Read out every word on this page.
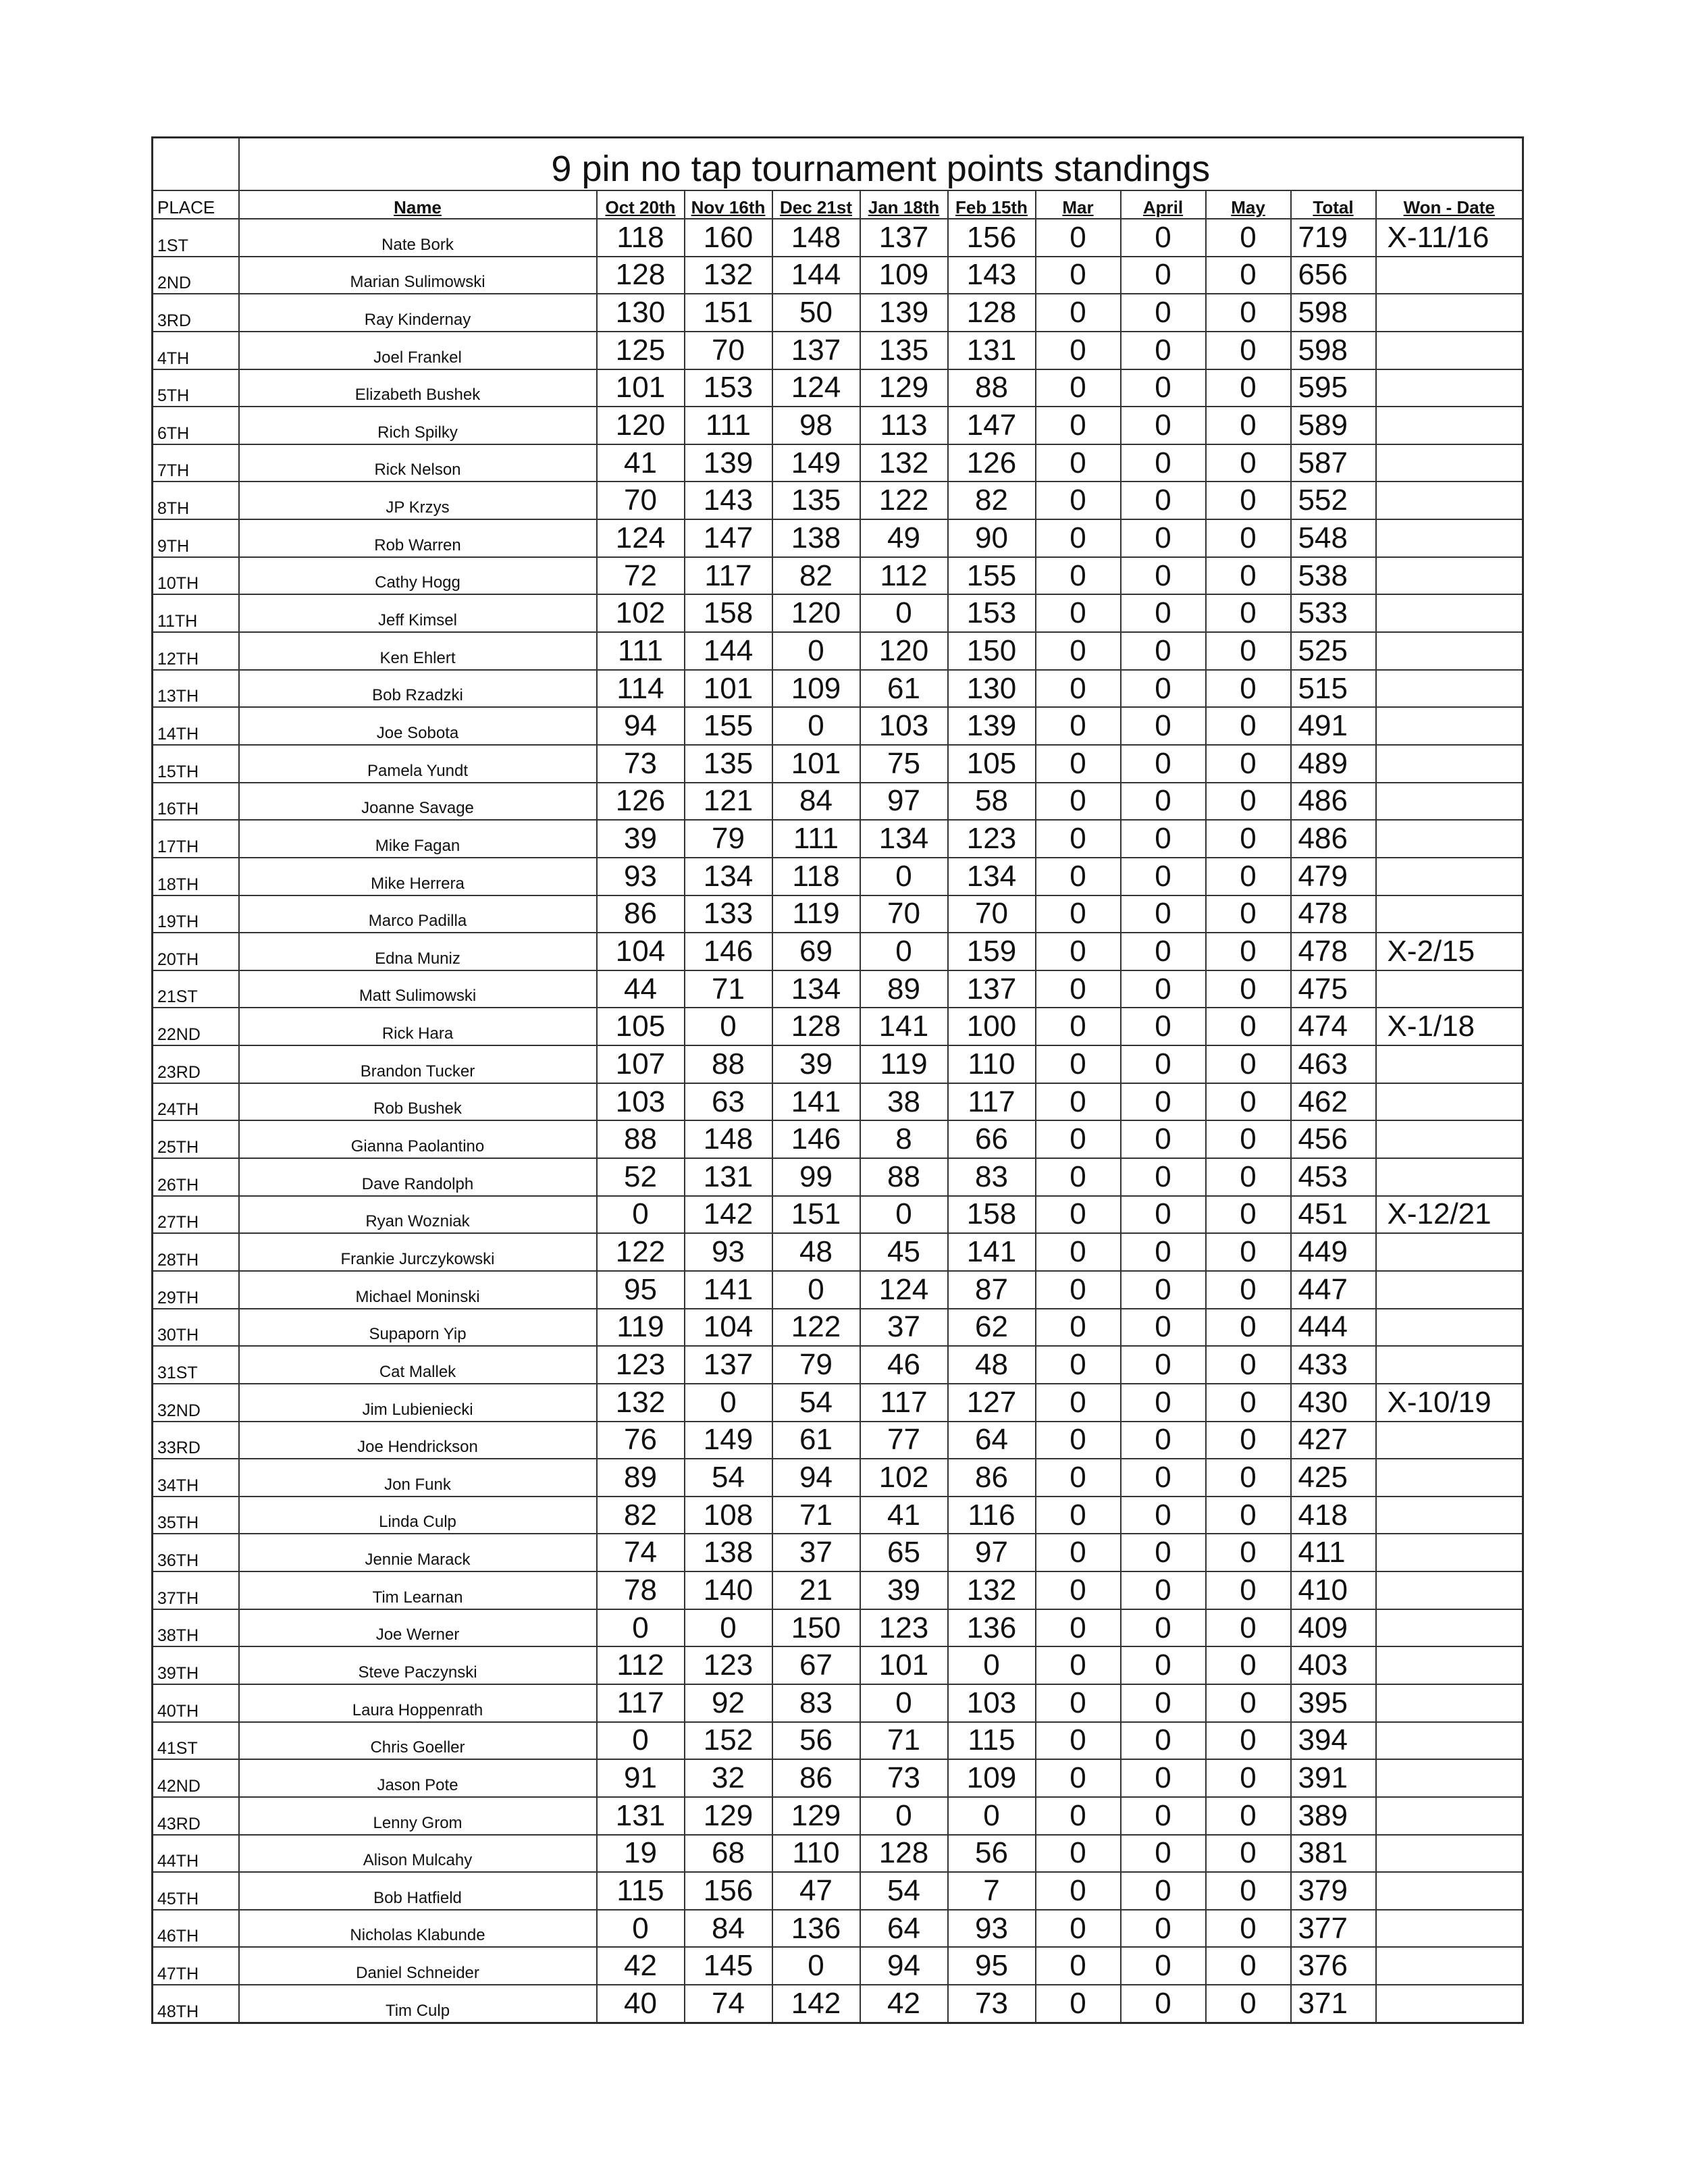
	9 pin no tap tournament points standings										
PLACE	Name	Oct 20th	Nov 16th	Dec 21st	Jan 18th	Feb 15th	Mar	April	May	Total	Won - Date
1ST	Nate Bork	118	160	148	137	156	0	0	0	719	X-11/16
2ND	Marian Sulimowski	128	132	144	109	143	0	0	0	656	
3RD	Ray Kindernay	130	151	50	139	128	0	0	0	598	
4TH	Joel Frankel	125	70	137	135	131	0	0	0	598	
5TH	Elizabeth Bushek	101	153	124	129	88	0	0	0	595	
6TH	Rich Spilky	120	111	98	113	147	0	0	0	589	
7TH	Rick Nelson	41	139	149	132	126	0	0	0	587	
8TH	JP Krzys	70	143	135	122	82	0	0	0	552	
9TH	Rob Warren	124	147	138	49	90	0	0	0	548	
10TH	Cathy Hogg	72	117	82	112	155	0	0	0	538	
11TH	Jeff Kimsel	102	158	120	0	153	0	0	0	533	
12TH	Ken Ehlert	111	144	0	120	150	0	0	0	525	
13TH	Bob Rzadzki	114	101	109	61	130	0	0	0	515	
14TH	Joe Sobota	94	155	0	103	139	0	0	0	491	
15TH	Pamela Yundt	73	135	101	75	105	0	0	0	489	
16TH	Joanne Savage	126	121	84	97	58	0	0	0	486	
17TH	Mike Fagan	39	79	111	134	123	0	0	0	486	
18TH	Mike Herrera	93	134	118	0	134	0	0	0	479	
19TH	Marco Padilla	86	133	119	70	70	0	0	0	478	
20TH	Edna Muniz	104	146	69	0	159	0	0	0	478	X-2/15
21ST	Matt Sulimowski	44	71	134	89	137	0	0	0	475	
22ND	Rick Hara	105	0	128	141	100	0	0	0	474	X-1/18
23RD	Brandon Tucker	107	88	39	119	110	0	0	0	463	
24TH	Rob Bushek	103	63	141	38	117	0	0	0	462	
25TH	Gianna Paolantino	88	148	146	8	66	0	0	0	456	
26TH	Dave Randolph	52	131	99	88	83	0	0	0	453	
27TH	Ryan Wozniak	0	142	151	0	158	0	0	0	451	X-12/21
28TH	Frankie Jurczykowski	122	93	48	45	141	0	0	0	449	
29TH	Michael Moninski	95	141	0	124	87	0	0	0	447	
30TH	Supaporn Yip	119	104	122	37	62	0	0	0	444	
31ST	Cat Mallek	123	137	79	46	48	0	0	0	433	
32ND	Jim Lubieniecki	132	0	54	117	127	0	0	0	430	X-10/19
33RD	Joe Hendrickson	76	149	61	77	64	0	0	0	427	
34TH	Jon Funk	89	54	94	102	86	0	0	0	425	
35TH	Linda Culp	82	108	71	41	116	0	0	0	418	
36TH	Jennie Marack	74	138	37	65	97	0	0	0	411	
37TH	Tim Learnan	78	140	21	39	132	0	0	0	410	
38TH	Joe Werner	0	0	150	123	136	0	0	0	409	
39TH	Steve Paczynski	112	123	67	101	0	0	0	0	403	
40TH	Laura Hoppenrath	117	92	83	0	103	0	0	0	395	
41ST	Chris Goeller	0	152	56	71	115	0	0	0	394	
42ND	Jason Pote	91	32	86	73	109	0	0	0	391	
43RD	Lenny Grom	131	129	129	0	0	0	0	0	389	
44TH	Alison Mulcahy	19	68	110	128	56	0	0	0	381	
45TH	Bob Hatfield	115	156	47	54	7	0	0	0	379	
46TH	Nicholas Klabunde	0	84	136	64	93	0	0	0	377	
47TH	Daniel Schneider	42	145	0	94	95	0	0	0	376	
48TH	Tim Culp	40	74	142	42	73	0	0	0	371	
